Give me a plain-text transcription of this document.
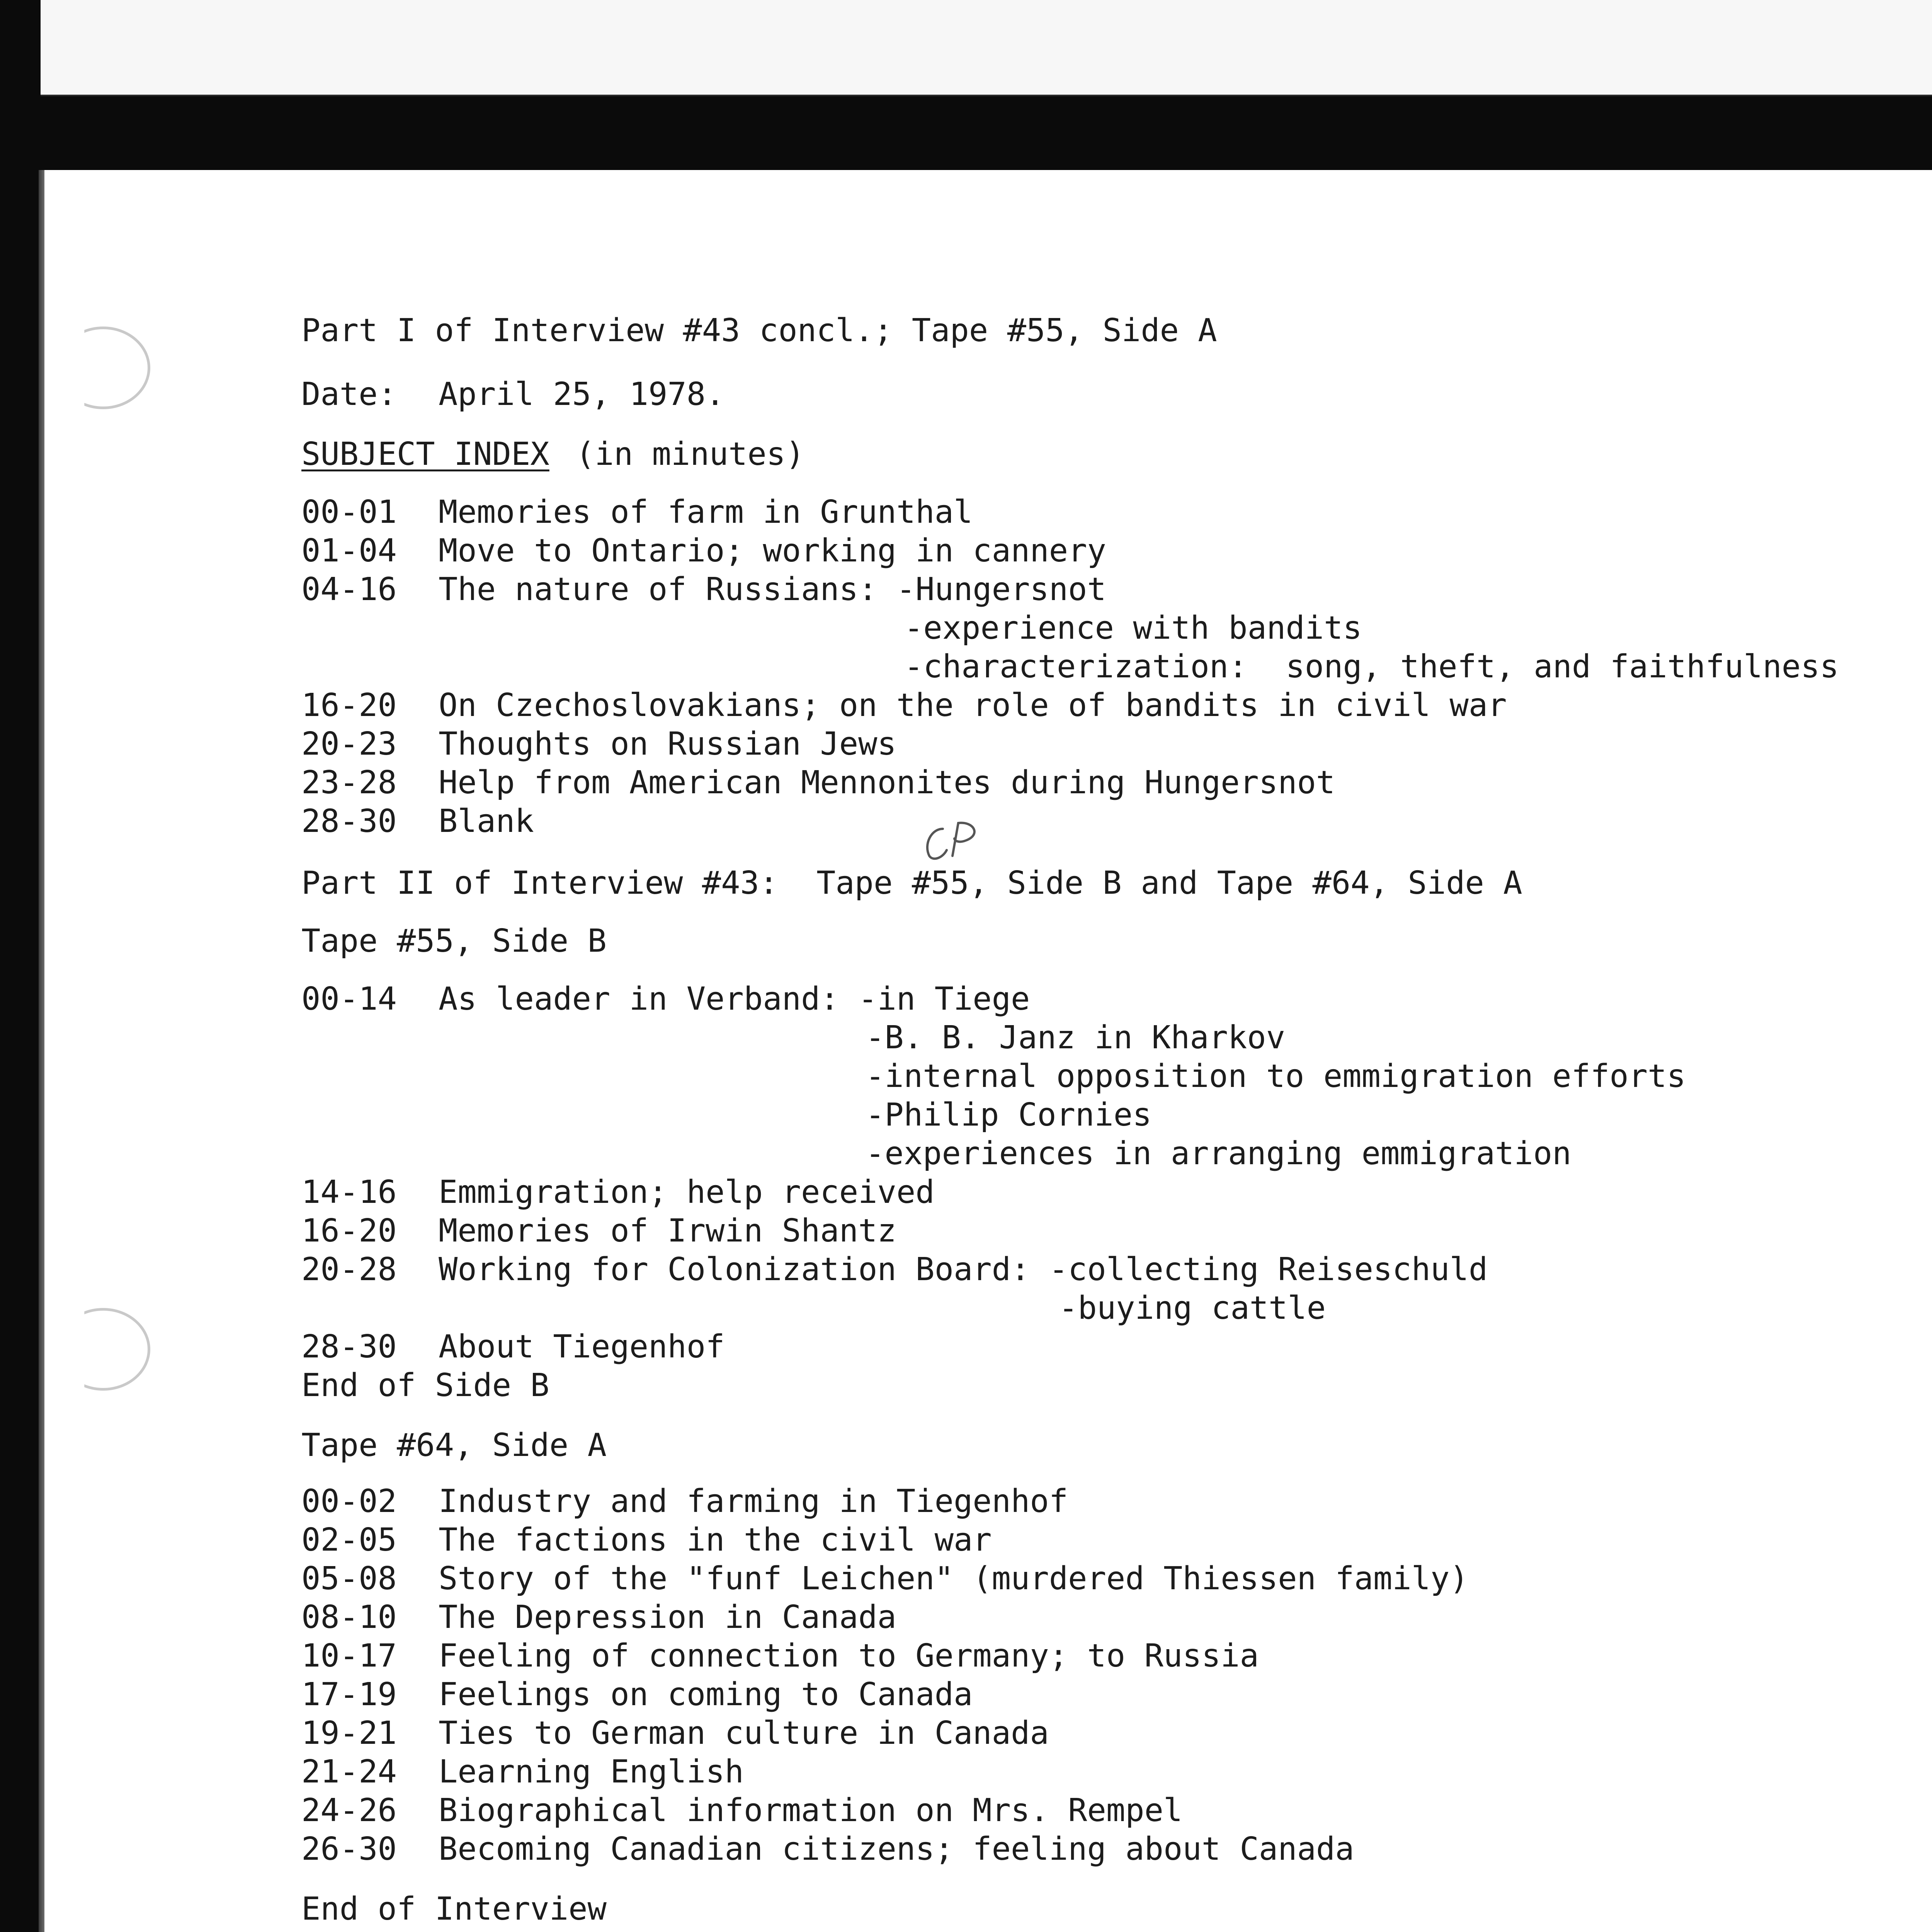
Part I of Interview #43 concl.; Tape #55, Side A

Date: April 25, 1978.

SUBJECT INDEX (in minutes)

00-01 Memories of farm in Grunthal

01-04 Move to Ontario; working in cannery

04-16 The nature of Russians: -Hungersnot

-experience with bandits

-characterization:  song, theft, and faithfulness

16-20 On Czechoslovakians; on the role of bandits in civil war

20-23 Thoughts on Russian Jews

23-28 Help from American Mennonites during Hungersnot

28-30 Blank

Part II of Interview #43:  Tape #55, Side B and Tape #64, Side A

Tape #55, Side B

00-14 As leader in Verband: -in Tiege

-B. B. Janz in Kharkov

-internal opposition to emmigration efforts

-Philip Cornies

-experiences in arranging emmigration

14-16 Emmigration; help received

16-20 Memories of Irwin Shantz

20-28 Working for Colonization Board: -collecting Reiseschuld

-buying cattle

28-30 About Tiegenhof

End of Side B

Tape #64, Side A

00-02 Industry and farming in Tiegenhof

02-05 The factions in the civil war

05-08 Story of the "funf Leichen" (murdered Thiessen family)

08-10 The Depression in Canada

10-17 Feeling of connection to Germany; to Russia

17-19 Feelings on coming to Canada

19-21 Ties to German culture in Canada

21-24 Learning English

24-26 Biographical information on Mrs. Rempel

26-30 Becoming Canadian citizens; feeling about Canada

End of Interview
